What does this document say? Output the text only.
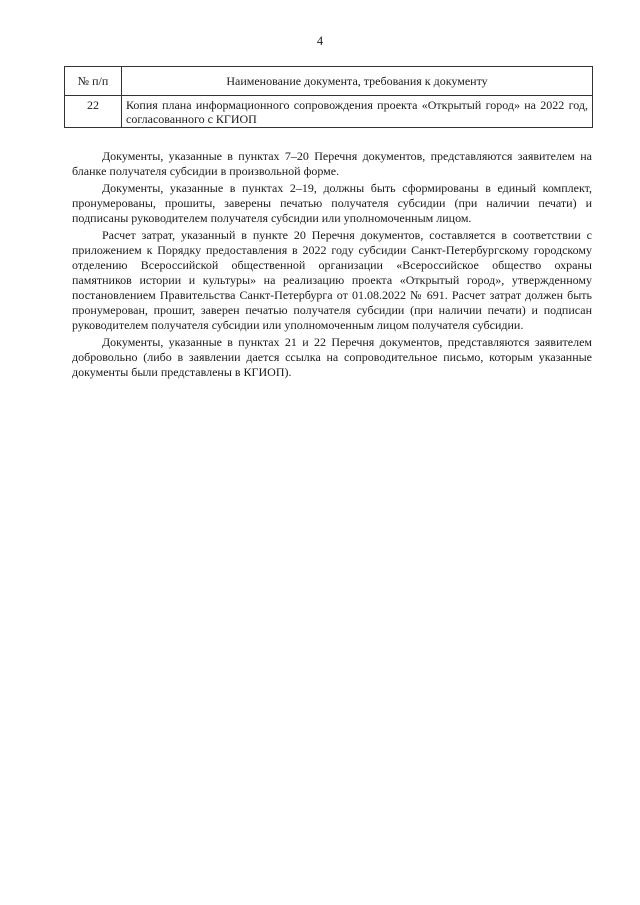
4
№ п/п	Наименование документа, требования к документу
22	Копия плана информационного сопровождения проекта «Открытый город» на 2022 год, согласованного с КГИОП

Документы, указанные в пунктах 7–20 Перечня документов, представляются заявителем на бланке получателя субсидии в произвольной форме.

Документы, указанные в пунктах 2–19, должны быть сформированы в единый комплект, пронумерованы, прошиты, заверены печатью получателя субсидии (при наличии печати) и подписаны руководителем получателя субсидии или уполномоченным лицом.

Расчет затрат, указанный в пункте 20 Перечня документов, составляется в соответствии с приложением к Порядку предоставления в 2022 году субсидии Санкт-Петербургскому городскому отделению Всероссийской общественной организации «Всероссийское общество охраны памятников истории и культуры» на реализацию проекта «Открытый город», утвержденному постановлением Правительства Санкт-Петербурга от 01.08.2022 № 691. Расчет затрат должен быть пронумерован, прошит, заверен печатью получателя субсидии (при наличии печати) и подписан руководителем получателя субсидии или уполномоченным лицом получателя субсидии.

Документы, указанные в пунктах 21 и 22 Перечня документов, представляются заявителем добровольно (либо в заявлении дается ссылка на сопроводительное письмо, которым указанные документы были представлены в КГИОП).
